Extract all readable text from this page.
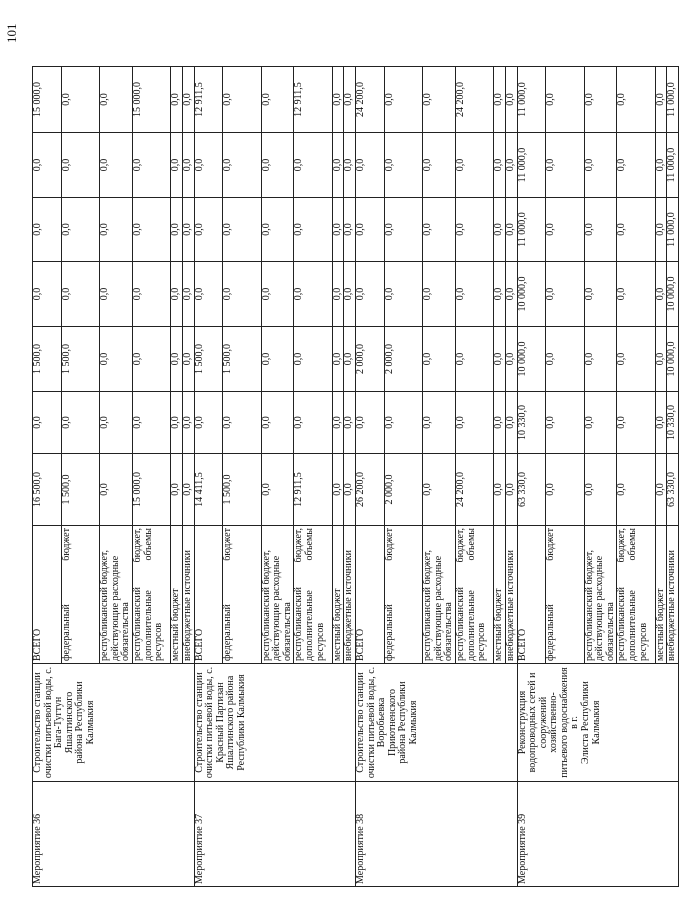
Мероприятие 36	Строительство станции очистки питьевой воды, с. Бага-Тугтун Яшалтинского района Республики Калмыкия	ВСЕГО	16 500,0	0,0	1 500,0	0,0	0,0	0,0	15 000,0

		федеральный бюджет	1 500,0	0,0	1 500,0	0,0	0,0	0,0	0,0

		республиканский бюджет, действующие расходные обязательства	0,0	0,0	0,0	0,0	0,0	0,0	0,0

		республиканский бюджет, дополнительные объемы ресурсов	15 000,0	0,0	0,0	0,0	0,0	0,0	15 000,0

		местный бюджет	0,0	0,0	0,0	0,0	0,0	0,0	0,0
		внебюджетные источники	0,0	0,0	0,0	0,0	0,0	0,0	0,0
Мероприятие 37	Строительство станции очистки питьевой воды, с. Красный Партизан Яшалтинского района Республики Калмыкия	ВСЕГО	14 411,5	0,0	1 500,0	0,0	0,0	0,0	12 911,5

		федеральный бюджет	1 500,0	0,0	1 500,0	0,0	0,0	0,0	0,0

		республиканский бюджет, действующие расходные обязательства	0,0	0,0	0,0	0,0	0,0	0,0	0,0

		республиканский бюджет, дополнительные объемы ресурсов	12 911,5	0,0	0,0	0,0	0,0	0,0	12 911,5

		местный бюджет	0,0	0,0	0,0	0,0	0,0	0,0	0,0
		внебюджетные источники	0,0	0,0	0,0	0,0	0,0	0,0	0,0
Мероприятие 38	Строительство станции очистки питьевой воды, с. Воробьевка Приютненского района Республики Калмыкия	ВСЕГО	26 200,0	0,0	2 000,0	0,0	0,0	0,0	24 200,0

		федеральный бюджет	2 000,0	0,0	2 000,0	0,0	0,0	0,0	0,0

		республиканский бюджет, действующие расходные обязательства	0,0	0,0	0,0	0,0	0,0	0,0	0,0

		республиканский бюджет, дополнительные объемы ресурсов	24 200,0	0,0	0,0	0,0	0,0	0,0	24 200,0

		местный бюджет	0,0	0,0	0,0	0,0	0,0	0,0	0,0
		внебюджетные источники	0,0	0,0	0,0	0,0	0,0	0,0	0,0
Мероприятие 39	Реконструкция водопроводных сетей и сооружений хозяйственно- питьевого водоснабжения в г. Элиста Республики Калмыкия	ВСЕГО	63 330,0	10 330,0	10 000,0	10 000,0	11 000,0	11 000,0	11 000,0

		федеральный бюджет	0,0	0,0	0,0	0,0	0,0	0,0	0,0

		республиканский бюджет, действующие расходные обязательства	0,0	0,0	0,0	0,0	0,0	0,0	0,0

		республиканский бюджет, дополнительные объемы ресурсов	0,0	0,0	0,0	0,0	0,0	0,0	0,0

		местный бюджет	0,0	0,0	0,0	0,0	0,0	0,0	0,0
		внебюджетные источники	63 330,0	10 330,0	10 000,0	10 000,0	11 000,0	11 000,0	11 000,0
101
